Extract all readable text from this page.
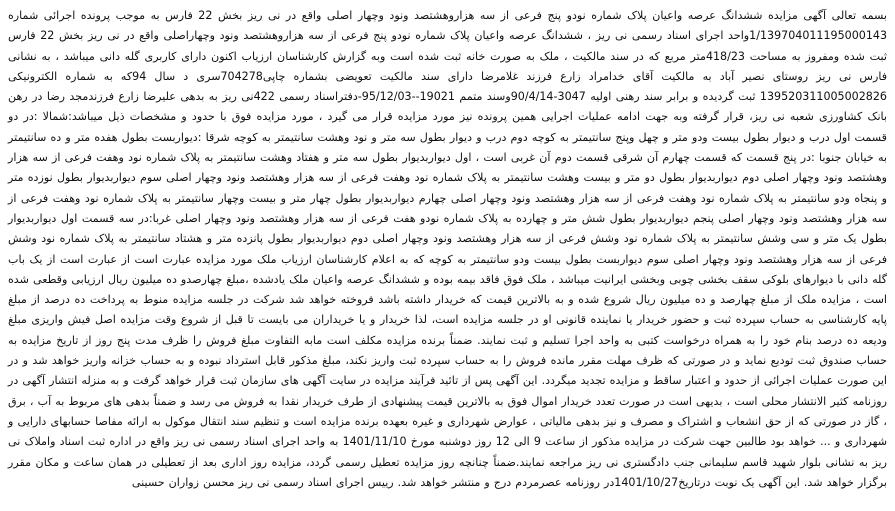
بسمه تعالی آگهی مزایده ششدانگ عرصه واعیان پلاک شماره نودو پنج فرعی از سه هزاروهشتصد ونود وچهار اصلی واقع در نی ریز بخش 22 فارس به موجب پرونده اجرائی شماره 1/139704011195000143واحد اجرای اسناد رسمی نی ریز ، ششدانگ عرصه واعیان پلاک شماره نودو پنج فرعی از سه هزاروهشتصد ونود وچهاراصلی واقع در نی ریز بخش 22 فارس ثبت شده ومفروز به مساحت 418/23متر مربع که در سند مالکیت ، ملک به صورت خانه ثبت شده است وبه گزارش کارشناسان ارزیاب اکنون دارای کاربری گله دانی میباشد ، به نشانی فارس نی ریز روستای نصیر آباد به مالکیت آقای خدامراد زارع فرزند غلامرضا دارای سند مالکیت تعویضی بشماره چاپی704278سری د سال 94که به شماره الکترونیکی 139520311005002826 ثبت گردیده و برابر سند رهنی اولیه 3047-90/4/14وسند متمم 19021--95/12/03-دفتراسناد رسمی 422نی ریز به بدهی علیرضا زارع فرزندمجد رضا در رهن بانک کشاورزی شعبه نی ریز، قرار گرفته وبه جهت ادامه عملیات اجرایی همین پرونده نیز مورد مزایده قرار می گیرد ، مورد مزایده فوق با حدود و مشخصات ذیل میباشد:شمالا :در دو قسمت اول درب و دیوار بطول بیست ودو متر و چهل وپنج سانتیمتر به کوچه دوم درب و دیوار بطول سه متر و نود وهشت سانتیمتر به کوچه شرقا :دیواربست بطول هفده متر و ده سانتیمتر به خیابان جنوبا :در پنج قسمت که قسمت چهارم آن شرقی قسمت دوم آن غربی است ، اول دیواربدیوار بطول سه متر و هفتاد وهشت سانتیمتر به پلاک شماره نود وهفت فرعی از سه هزار وهشتصد ونود وچهار اصلی دوم دیواربدیوار بطول دو متر و بیست وهشت سانتیمتر به پلاک شماره نود وهفت فرعی از سه هزار وهشتصد ونود وچهار اصلی سوم دیواربدیوار بطول نوزده متر و پنجاه ودو سانتیمتر به پلاک شماره نود وهفت فرعی از سه هزار وهشتصد ونود وچهار اصلی چهارم دیواربدیوار بطول چهار متر و بیست وچهار سانتیمتر به پلاک شماره نود وهفت فرعی از سه هزار وهشتصد ونود وچهار اصلی پنجم دیواربدیوار بطول شش متر و چهارده به پلاک شماره نودو هفت فرعی از سه هزار وهشتصد ونود وچهار اصلی غربا:در سه قسمت اول دیواربدیوار بطول یک متر و سی وشش سانتیمتر به پلاک شماره نود وشش فرعی از سه هزار وهشتصد ونود وچهار اصلی دوم دیواربدیوار بطول پانزده متر و هشتاد سانتیمتر به پلاک شماره نود وشش فرعی از سه هزار وهشتصد ونود وچهار اصلی سوم دیواربست بطول بیست ودو سانتیمتر به کوچه که به اعلام کارشناسان ارزیاب ملک مورد مزایده عبارت است از عبارت است از یک باب گله دانی با دیوارهای بلوکی سقف بخشی چوبی وبخشی ایرانیت میباشد ، ملک فوق فاقد بیمه بوده و ششدانگ عرصه واعیان ملک یادشده ،مبلغ چهارصدو ده میلیون ریال ارزیابی وقطعی شده است ، مزایده ملک از مبلغ چهارصد و ده میلیون ریال شروع شده و به بالاترین قیمت که خریدار داشته باشد فروخته خواهد شد شرکت در جلسه مزایده منوط به پرداخت ده درصد از مبلغ پایه کارشناسی به حساب سپرده ثبت و حضور خریدار یا نماینده قانونی او در جلسه مزایده است، لذا خریدار و یا خریداران می بایست تا قبل از شروع وقت مزایده اصل فیش واریزی مبلغ ودیعه ده درصد بنام خود را به همراه درخواست کتبی به واحد اجرا تسلیم و ثبت نمایند. ضمناً برنده مزایده مکلف است مابه التفاوت مبلغ فروش را ظرف مدت پنج روز از تاریخ مزایده به حساب صندوق ثبت تودیع نماید و در صورتی که ظرف مهلت مقرر مانده فروش را به حساب سپرده ثبت واریز نکند، مبلغ مذکور قابل استرداد نبوده و به حساب خزانه واریز خواهد شد و در این صورت عملیات اجرائی از حدود و اعتبار ساقط و مزایده تجدید میگردد. این آگهی پس از تائید فرآیند مزایده در سایت آگهی های سازمان ثبت قرار خواهد گرفت و به منزله انتشار آگهی در روزنامه کثیر الانتشار محلی است ، بدیهی است در صورت تعدد خریدار اموال فوق به بالاترین قیمت پیشنهادی از طرف خریدار نقدا به فروش می رسد و ضمناً بدهی های مربوط به آب ، برق ، گاز در صورتی که از حق انشعاب و اشتراک و مصرف و نیز بدهی مالیاتی ، عوارض شهرداری و غیره بعهده برنده مزایده است و تنظیم سند انتقال موکول به ارائه مفاصا حسابهای دارایی و شهرداری و ... خواهد بود طالبین جهت شرکت در مزایده مذکور از ساعت 9 الی 12 روز دوشنبه مورخ 1401/11/10 به واحد اجرای اسناد رسمی نی ریز واقع در اداره ثبت اسناد واملاک نی ریز به نشانی بلوار شهید قاسم سلیمانی جنب دادگستری نی ریز مراجعه نمایند.ضمناً چنانچه روز مزایده تعطیل رسمی گردد، مزایده روز اداری بعد از تعطیلی در همان ساعت و مکان مقرر برگزار خواهد شد. این آگهی یک نوبت درتاریخ1401/10/27در روزنامه عصرمردم درج و منتشر خواهد شد. رییس اجرای اسناد رسمی نی ریز محسن زواران حسینی
